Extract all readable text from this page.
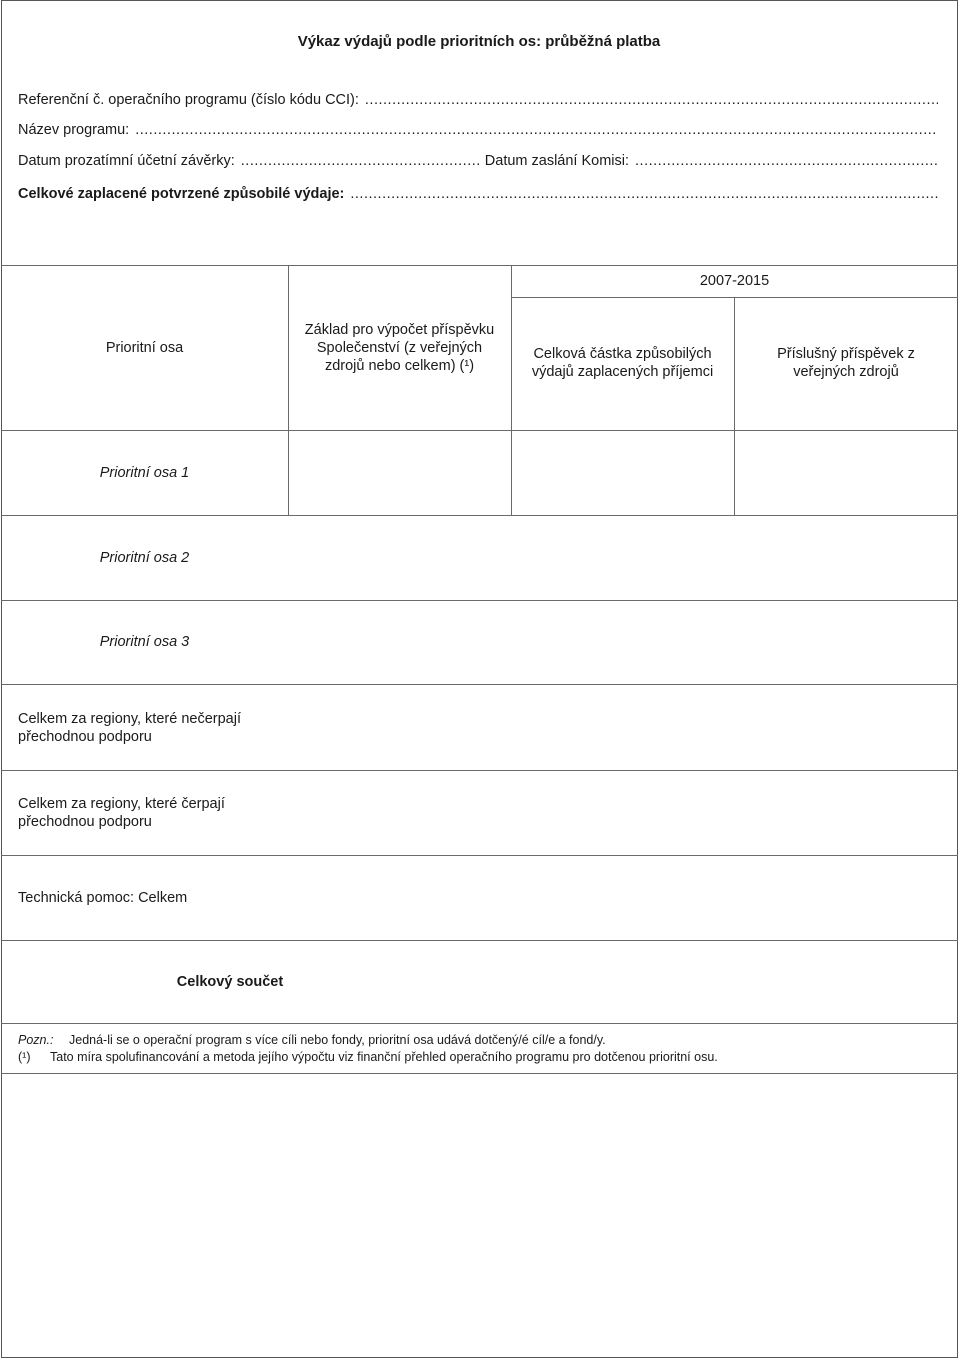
Výkaz výdajů podle prioritních os: průběžná platba
Referenční č. operačního programu (číslo kódu CCI):
.....
Název programu:
.....
Datum prozatímní účetní závěrky:
.....	Datum zaslání Komisi:
.....
Celkové zaplacené potvrzené způsobilé výdaje:
.....
Prioritní osa
Základ pro výpočet příspěvku Společenství (z veřejných zdrojů nebo celkem) (¹)
2007-2015
Celková částka způsobilých výdajů zaplacených příjemci
Příslušný příspěvek z veřejných zdrojů
Prioritní osa 1
Prioritní osa 2
Prioritní osa 3
Celkem za regiony, které nečerpají přechodnou podporu
Celkem za regiony, které čerpají přechodnou podporu
Technická pomoc: Celkem
Celkový součet
Pozn.: Jedná-li se o operační program s více cíli nebo fondy, prioritní osa udává dotčený/é cíl/e a fond/y.
(¹) Tato míra spolufinancování a metoda jejího výpočtu viz finanční přehled operačního programu pro dotčenou prioritní osu.
